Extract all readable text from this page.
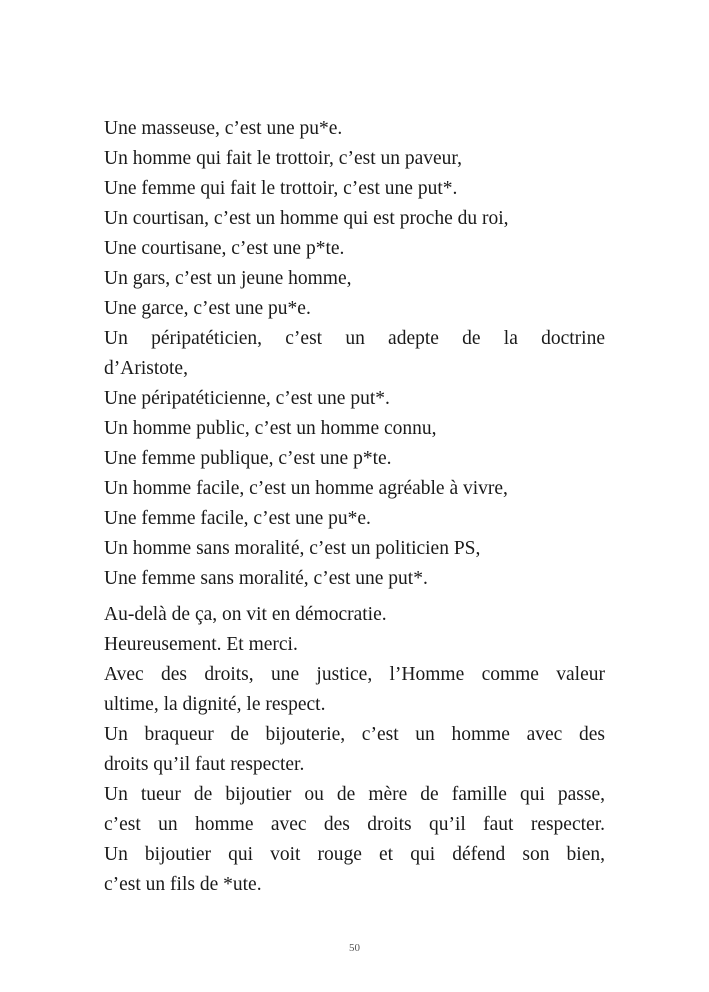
Une masseuse, c’est une pu*e.
Un homme qui fait le trottoir, c’est un paveur,
Une femme qui fait le trottoir, c’est une put*.
Un courtisan, c’est un homme qui est proche du roi,
Une courtisane, c’est une p*te.
Un gars, c’est un jeune homme,
Une garce, c’est une pu*e.
Un péripatéticien, c’est un adepte de la doctrine
d’Aristote,
Une péripatéticienne, c’est une put*.
Un homme public, c’est un homme connu,
Une femme publique, c’est une p*te.
Un homme facile, c’est un homme agréable à vivre,
Une femme facile, c’est une pu*e.
Un homme sans moralité, c’est un politicien PS,
Une femme sans moralité, c’est une put*.
Au-delà de ça, on vit en démocratie.
Heureusement. Et merci.
Avec des droits, une justice, l’Homme comme valeur
ultime, la dignité, le respect.
Un braqueur de bijouterie, c’est un homme avec des
droits qu’il faut respecter.
Un tueur de bijoutier ou de mère de famille qui passe,
c’est un homme avec des droits qu’il faut respecter.
Un bijoutier qui voit rouge et qui défend son bien,
c’est un fils de *ute.
50
